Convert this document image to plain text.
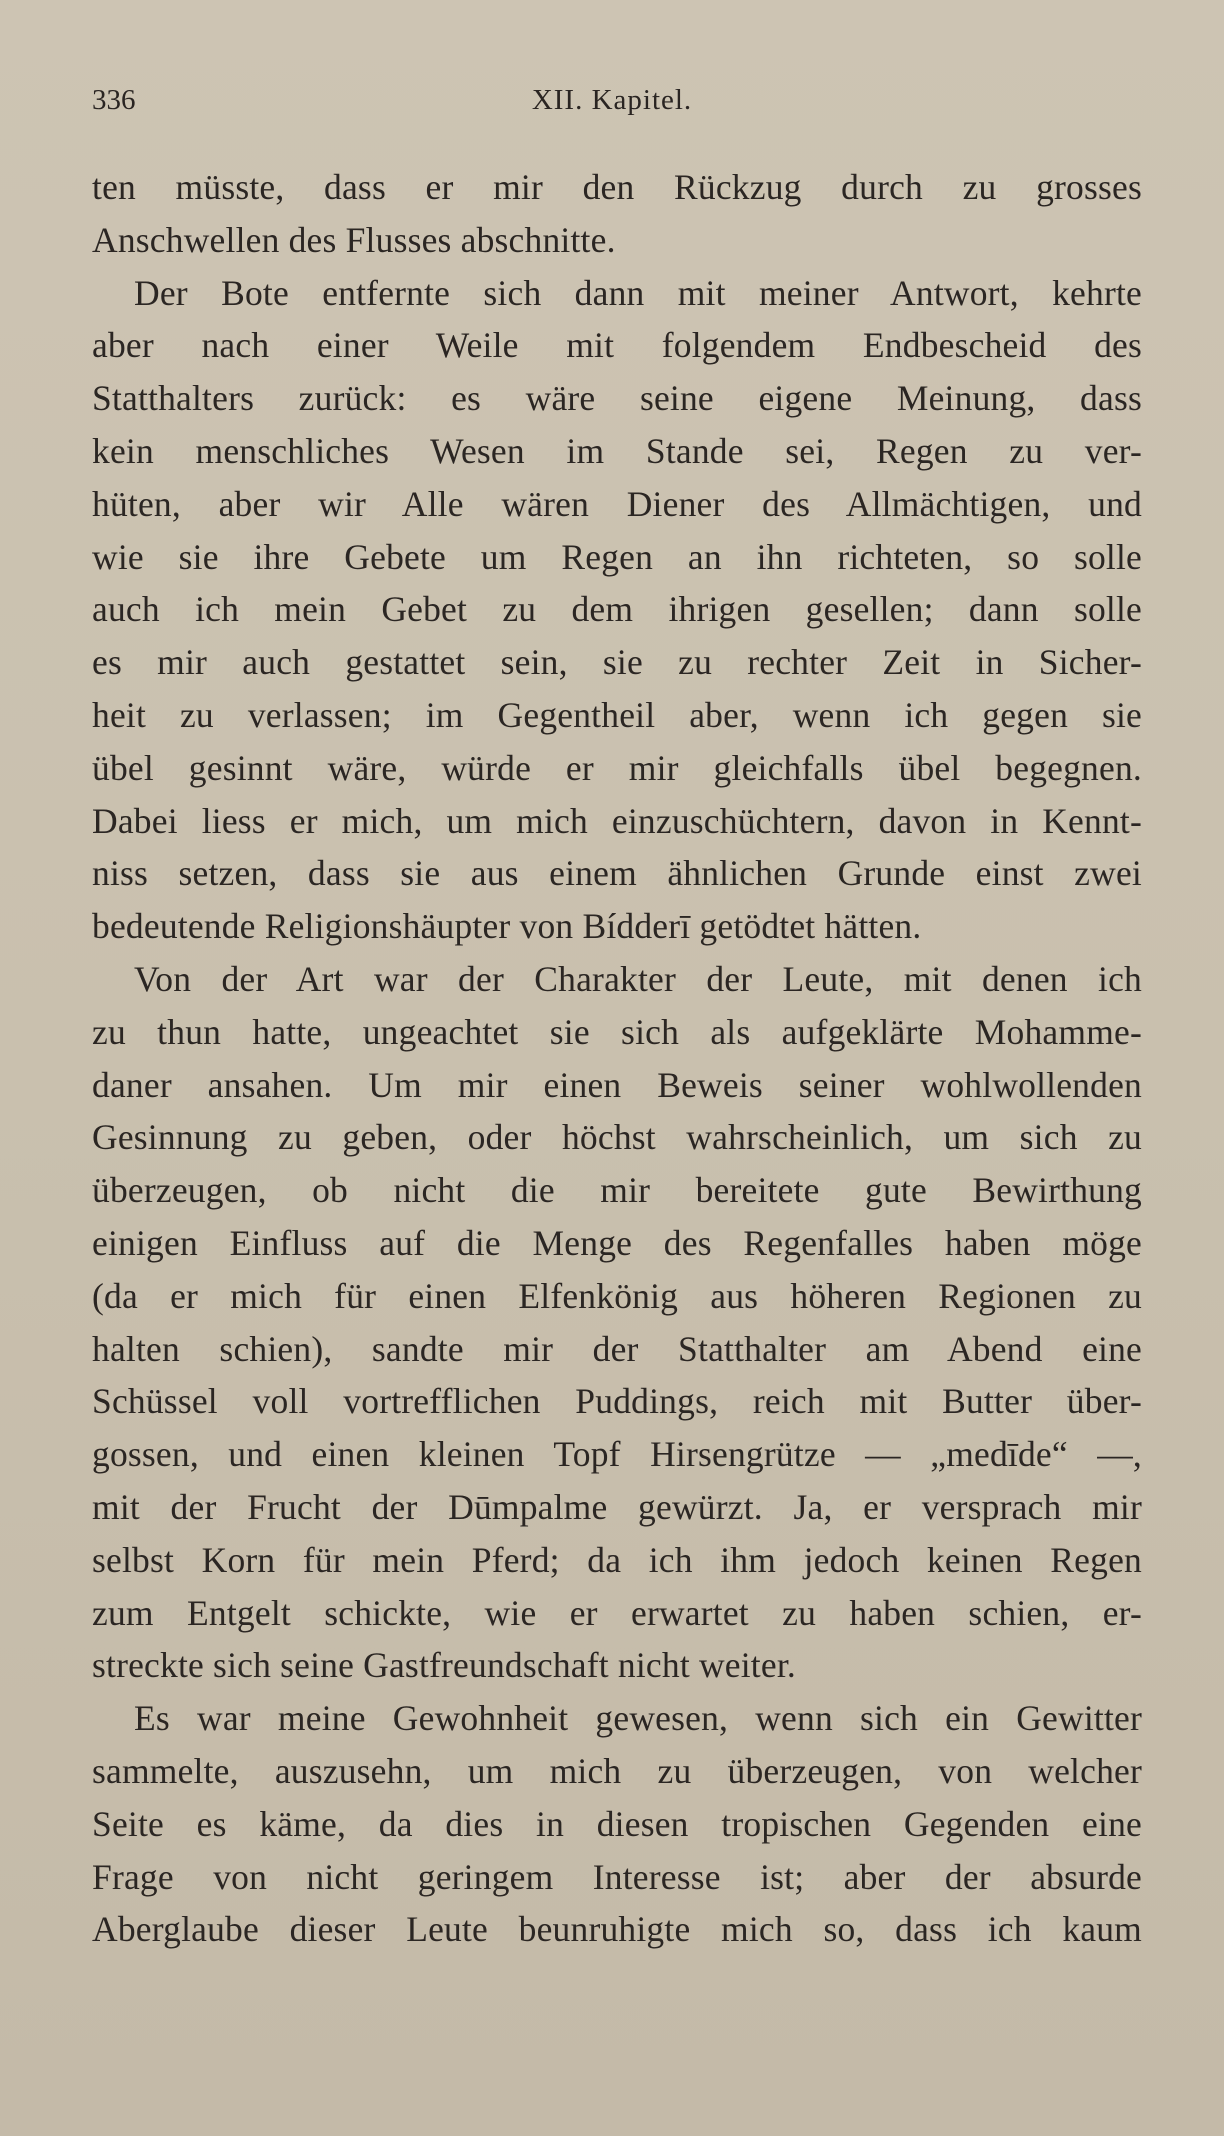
336	XII. Kapitel.
ten müsste, dass er mir den Rückzug durch zu grosses
Anschwellen des Flusses abschnitte.
Der Bote entfernte sich dann mit meiner Antwort, kehrte
aber nach einer Weile mit folgendem Endbescheid des
Statthalters zurück: es wäre seine eigene Meinung, dass
kein menschliches Wesen im Stande sei, Regen zu ver-
hüten, aber wir Alle wären Diener des Allmächtigen, und
wie sie ihre Gebete um Regen an ihn richteten, so solle
auch ich mein Gebet zu dem ihrigen gesellen; dann solle
es mir auch gestattet sein, sie zu rechter Zeit in Sicher-
heit zu verlassen; im Gegentheil aber, wenn ich gegen sie
übel gesinnt wäre, würde er mir gleichfalls übel begegnen.
Dabei liess er mich, um mich einzuschüchtern, davon in Kennt-
niss setzen, dass sie aus einem ähnlichen Grunde einst zwei
bedeutende Religionshäupter von Bídderī getödtet hätten.
Von der Art war der Charakter der Leute, mit denen ich
zu thun hatte, ungeachtet sie sich als aufgeklärte Mohamme-
daner ansahen. Um mir einen Beweis seiner wohlwollenden
Gesinnung zu geben, oder höchst wahrscheinlich, um sich zu
überzeugen, ob nicht die mir bereitete gute Bewirthung
einigen Einfluss auf die Menge des Regenfalles haben möge
(da er mich für einen Elfenkönig aus höheren Regionen zu
halten schien), sandte mir der Statthalter am Abend eine
Schüssel voll vortrefflichen Puddings, reich mit Butter über-
gossen, und einen kleinen Topf Hirsengrütze — „medīde“ —,
mit der Frucht der Dūmpalme gewürzt. Ja, er versprach mir
selbst Korn für mein Pferd; da ich ihm jedoch keinen Regen
zum Entgelt schickte, wie er erwartet zu haben schien, er-
streckte sich seine Gastfreundschaft nicht weiter.
Es war meine Gewohnheit gewesen, wenn sich ein Gewitter
sammelte, auszusehn, um mich zu überzeugen, von welcher
Seite es käme, da dies in diesen tropischen Gegenden eine
Frage von nicht geringem Interesse ist; aber der absurde
Aberglaube dieser Leute beunruhigte mich so, dass ich kaum
